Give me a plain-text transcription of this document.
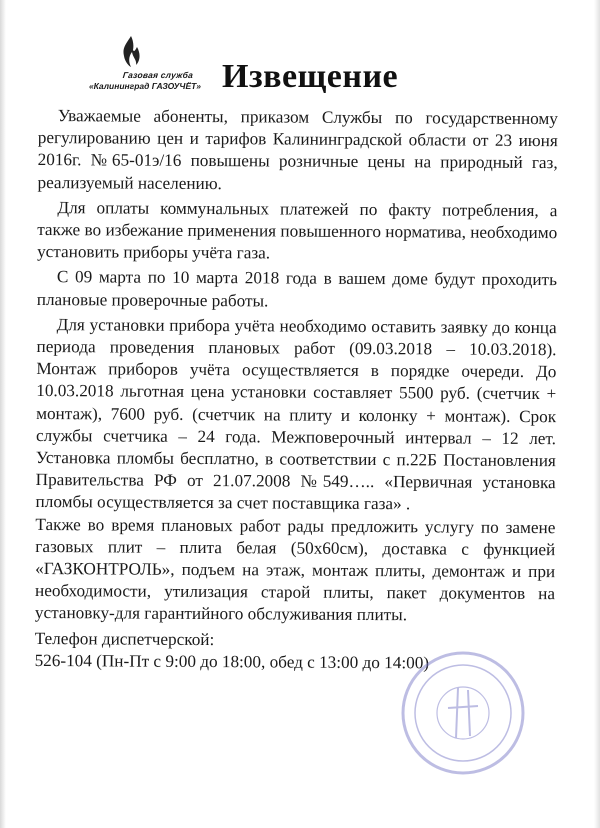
Газовая служба
«Калининград ГАЗОУЧЁТ» Извещение

Уважаемые абоненты, приказом Службы по государственному регулированию цен и тарифов Калининградской области от 23 июня 2016г. №65-01э/16 повышены розничные цены на природный газ, реализуемый населению.

Для оплаты коммунальных платежей по факту потребления, а также во избежание применения повышенного норматива, необходимо установить приборы учёта газа.

С 09 марта по 10 марта 2018 года в вашем доме будут проходить плановые проверочные работы.

Для установки прибора учёта необходимо оставить заявку до конца периода проведения плановых работ (09.03.2018 – 10.03.2018). Монтаж приборов учёта осуществляется в порядке очереди. До 10.03.2018 льготная цена установки составляет 5500 руб. (счетчик + монтаж), 7600 руб. (счетчик на плиту и колонку + монтаж). Срок службы счетчика – 24 года. Межповерочный интервал – 12 лет. Установка пломбы бесплатно, в соответствии с п.22Б Постановления Правительства РФ от 21.07.2008 №549….. «Первичная установка пломбы осуществляется за счет поставщика газа» .

Также во время плановых работ рады предложить услугу по замене газовых плит – плита белая (50х60см), доставка с функцией «ГАЗКОНТРОЛЬ», подъем на этаж, монтаж плиты, демонтаж и при необходимости, утилизация старой плиты, пакет документов на установку-для гарантийного обслуживания плиты.

Телефон диспетчерской:

526-104 (Пн-Пт с 9:00 до 18:00, обед с 13:00 до 14:00)
